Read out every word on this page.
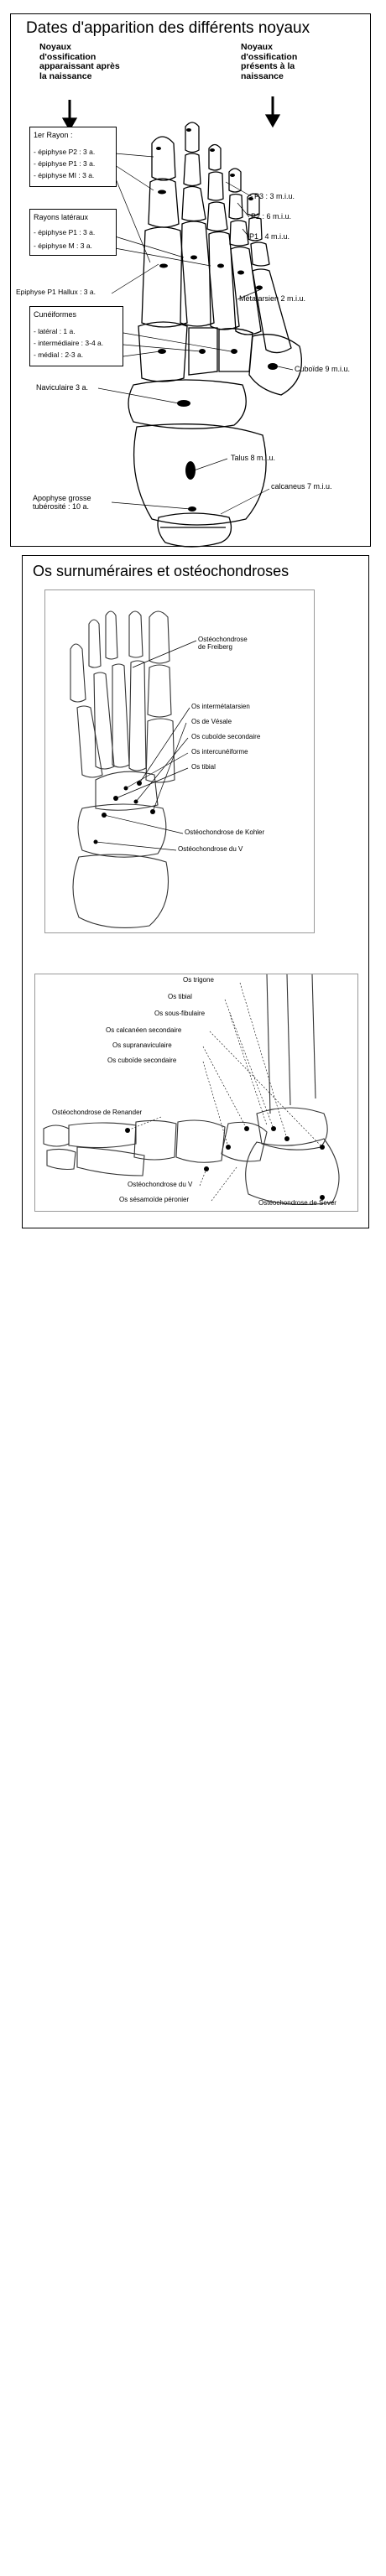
Dates d'apparition des différents noyaux
Noyaux
d'ossification
apparaissant après
la naissance
Noyaux
d'ossification
présents à la
naissance
1er Rayon :
- épiphyse P2 : 3 a.
- épiphyse P1 : 3 a.
- épiphyse MI : 3 a.
Rayons latéraux
- épiphyse P1 : 3 a.
- épiphyse M : 3 a.
Epiphyse P1 Hallux : 3 a.
Cunéiformes
- latéral : 1 a.
- intermédiaire : 3-4 a.
- médial : 2-3 a.
Naviculaire 3 a.
Apophyse grosse
tubérosité : 10 a.
P3 : 3 m.i.u.
P2 : 6 m.i.u.
P1 : 4 m.i.u.
Métatarsien 2 m.i.u.
Cuboïde 9 m.i.u.
Talus 8 m.i.u.
calcaneus 7 m.i.u.
Os surnuméraires et ostéochondroses
Ostéochondrose
de Freiberg
Os intermétatarsien
Os de Vésale
Os cuboïde secondaire
Os intercunéiforme
Os tibial
Ostéochondrose de Kohler
Ostéochondrose du V
Os trigone
Os tibial
Os sous-fibulaire
Os calcanéen secondaire
Os supranaviculaire
Os cuboïde secondaire
Ostéochondrose de Renander
Ostéochondrose du V
Os sésamoïde péronier	Ostéochondrose de Sever
